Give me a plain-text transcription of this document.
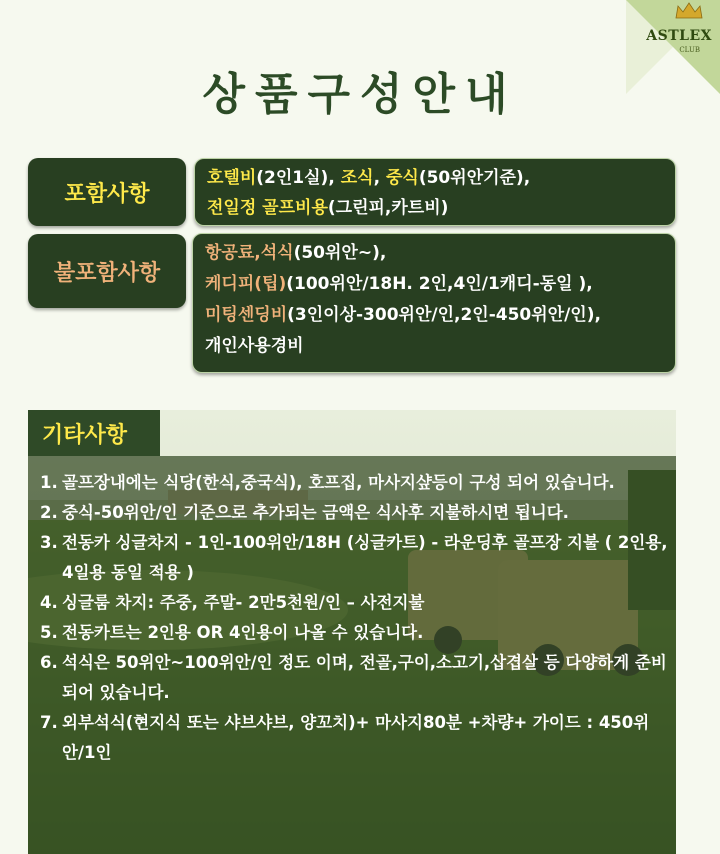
ASTLEX
CLUB
상품구성안내
포함사항
호텔비(2인1실), 조식, 중식(50위안기준),
전일정 골프비용(그린피,카트비)
불포함사항
항공료,석식(50위안~),
케디피(팁)(100위안/18H. 2인,4인/1캐디-동일 ),
미팅센딩비(3인이상-300위안/인,2인-450위안/인),
개인사용경비
기타사항
1. 골프장내에는 식당(한식,중국식), 호프집, 마사지샾등이 구성 되어 있습니다.
2. 중식-50위안/인 기준으로 추가되는 금액은 식사후 지불하시면 됩니다.
3. 전동카 싱글차지 - 1인-100위안/18H (싱글카트) - 라운딩후 골프장 지불 ( 2인용, 4일용 동일 적용 )
4. 싱글룸 차지: 주중, 주말- 2만5천원/인 – 사전지불
5. 전동카트는 2인용 OR 4인용이 나올 수 있습니다.
6. 석식은 50위안~100위안/인 정도 이며, 전골,구이,소고기,삽겹살 등 다양하게 준비되어 있습니다.
7. 외부석식(현지식 또는 샤브샤브, 양꼬치)+ 마사지80분 +차량+ 가이드 : 450위안/1인
